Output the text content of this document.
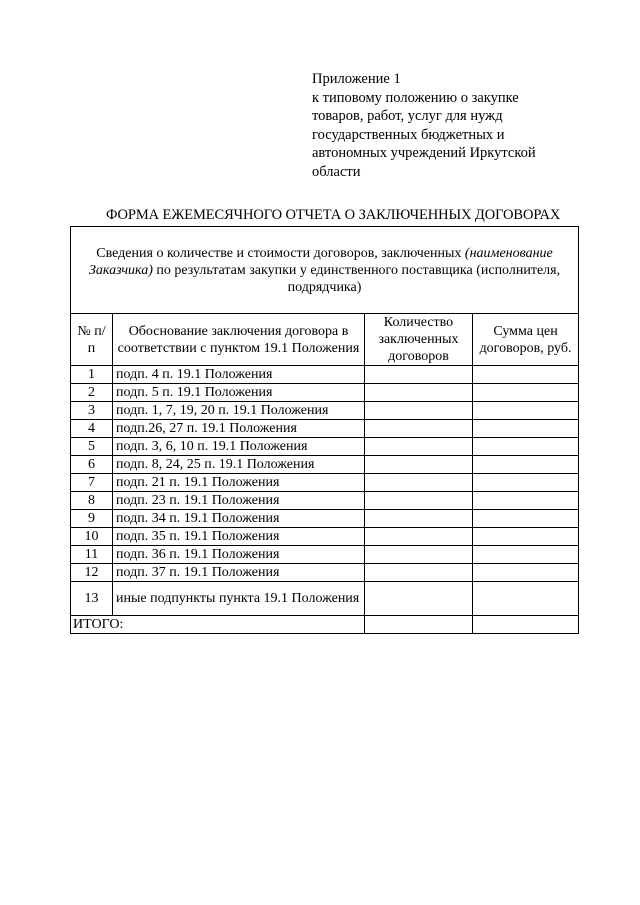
Приложение 1
к типовому положению о закупке
товаров, работ, услуг для нужд
государственных бюджетных и
автономных учреждений Иркутской
области
ФОРМА ЕЖЕМЕСЯЧНОГО ОТЧЕТА О ЗАКЛЮЧЕННЫХ ДОГОВОРАХ
Сведения о количестве и стоимости договоров, заключенных (наименование Заказчика) по результатам закупки у единственного поставщика (исполнителя, подрядчика)			
№ п/п	Обоснование заключения договора в соответствии с пунктом 19.1 Положения	Количество заключенных договоров	Сумма цен договоров, руб.
1	подп. 4 п. 19.1 Положения		
2	подп. 5 п. 19.1 Положения		
3	подп. 1, 7, 19, 20 п. 19.1 Положения		
4	подп.26, 27 п. 19.1 Положения		
5	подп. 3, 6, 10 п. 19.1 Положения		
6	подп. 8, 24, 25 п. 19.1 Положения		
7	подп. 21 п. 19.1 Положения		
8	подп. 23 п. 19.1 Положения		
9	подп. 34 п. 19.1 Положения		
10	подп. 35 п. 19.1 Положения		
11	подп. 36 п. 19.1 Положения		
12	подп. 37 п. 19.1 Положения		
13	иные подпункты пункта 19.1 Положения		
ИТОГО:			
